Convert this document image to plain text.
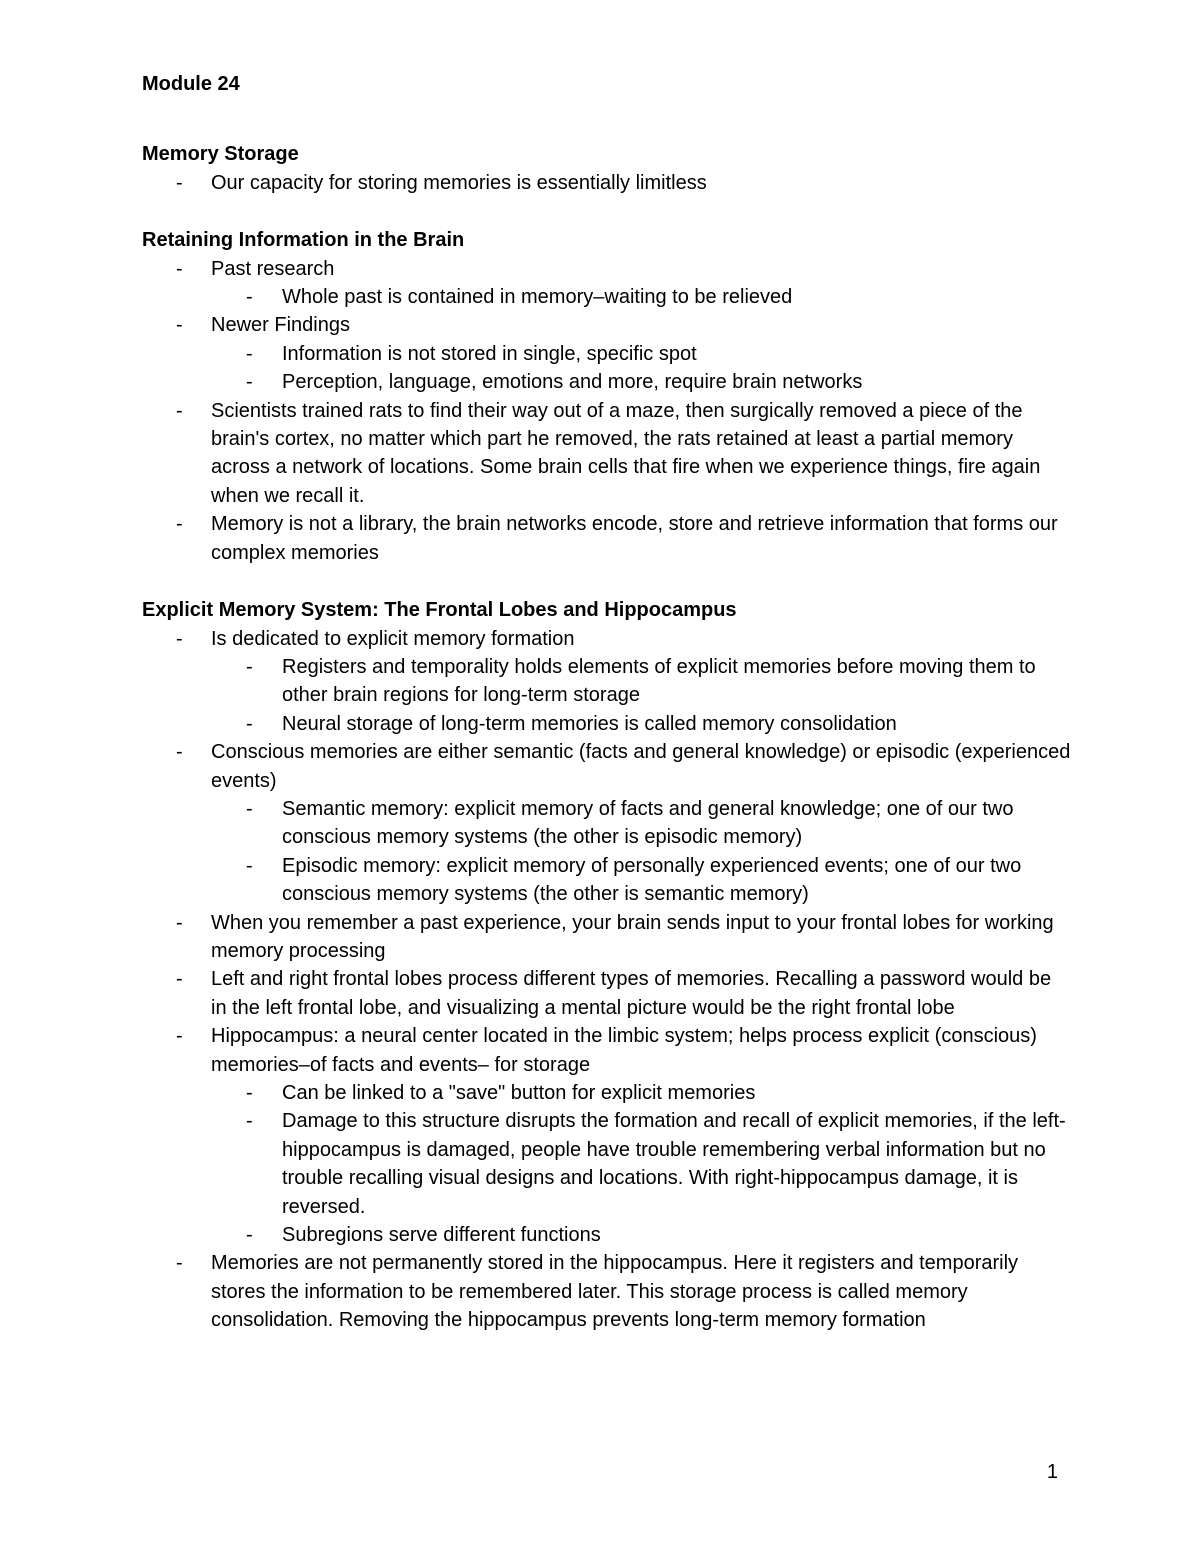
Module 24
Memory Storage
- Our capacity for storing memories is essentially limitless
Retaining Information in the Brain
- Past research
- Whole past is contained in memory–waiting to be relieved
- Newer Findings
- Information is not stored in single, specific spot
- Perception, language, emotions and more, require brain networks
- Scientists trained rats to find their way out of a maze, then surgically removed a piece of the brain's cortex, no matter which part he removed, the rats retained at least a partial memory across a network of locations. Some brain cells that fire when we experience things, fire again when we recall it.
- Memory is not a library, the brain networks encode, store and retrieve information that forms our complex memories
Explicit Memory System: The Frontal Lobes and Hippocampus
- Is dedicated to explicit memory formation
- Registers and temporality holds elements of explicit memories before moving them to other brain regions for long-term storage
- Neural storage of long-term memories is called memory consolidation
- Conscious memories are either semantic (facts and general knowledge) or episodic (experienced events)
- Semantic memory: explicit memory of facts and general knowledge; one of our two conscious memory systems (the other is episodic memory)
- Episodic memory: explicit memory of personally experienced events; one of our two conscious memory systems (the other is semantic memory)
- When you remember a past experience, your brain sends input to your frontal lobes for working memory processing
- Left and right frontal lobes process different types of memories. Recalling a password would be in the left frontal lobe, and visualizing a mental picture would be the right frontal lobe
- Hippocampus: a neural center located in the limbic system; helps process explicit (conscious) memories–of facts and events– for storage
- Can be linked to a "save" button for explicit memories
- Damage to this structure disrupts the formation and recall of explicit memories, if the left-hippocampus is damaged, people have trouble remembering verbal information but no trouble recalling visual designs and locations. With right-hippocampus damage, it is reversed.
- Subregions serve different functions
- Memories are not permanently stored in the hippocampus. Here it registers and temporarily stores the information to be remembered later. This storage process is called memory consolidation. Removing the hippocampus prevents long-term memory formation
1
